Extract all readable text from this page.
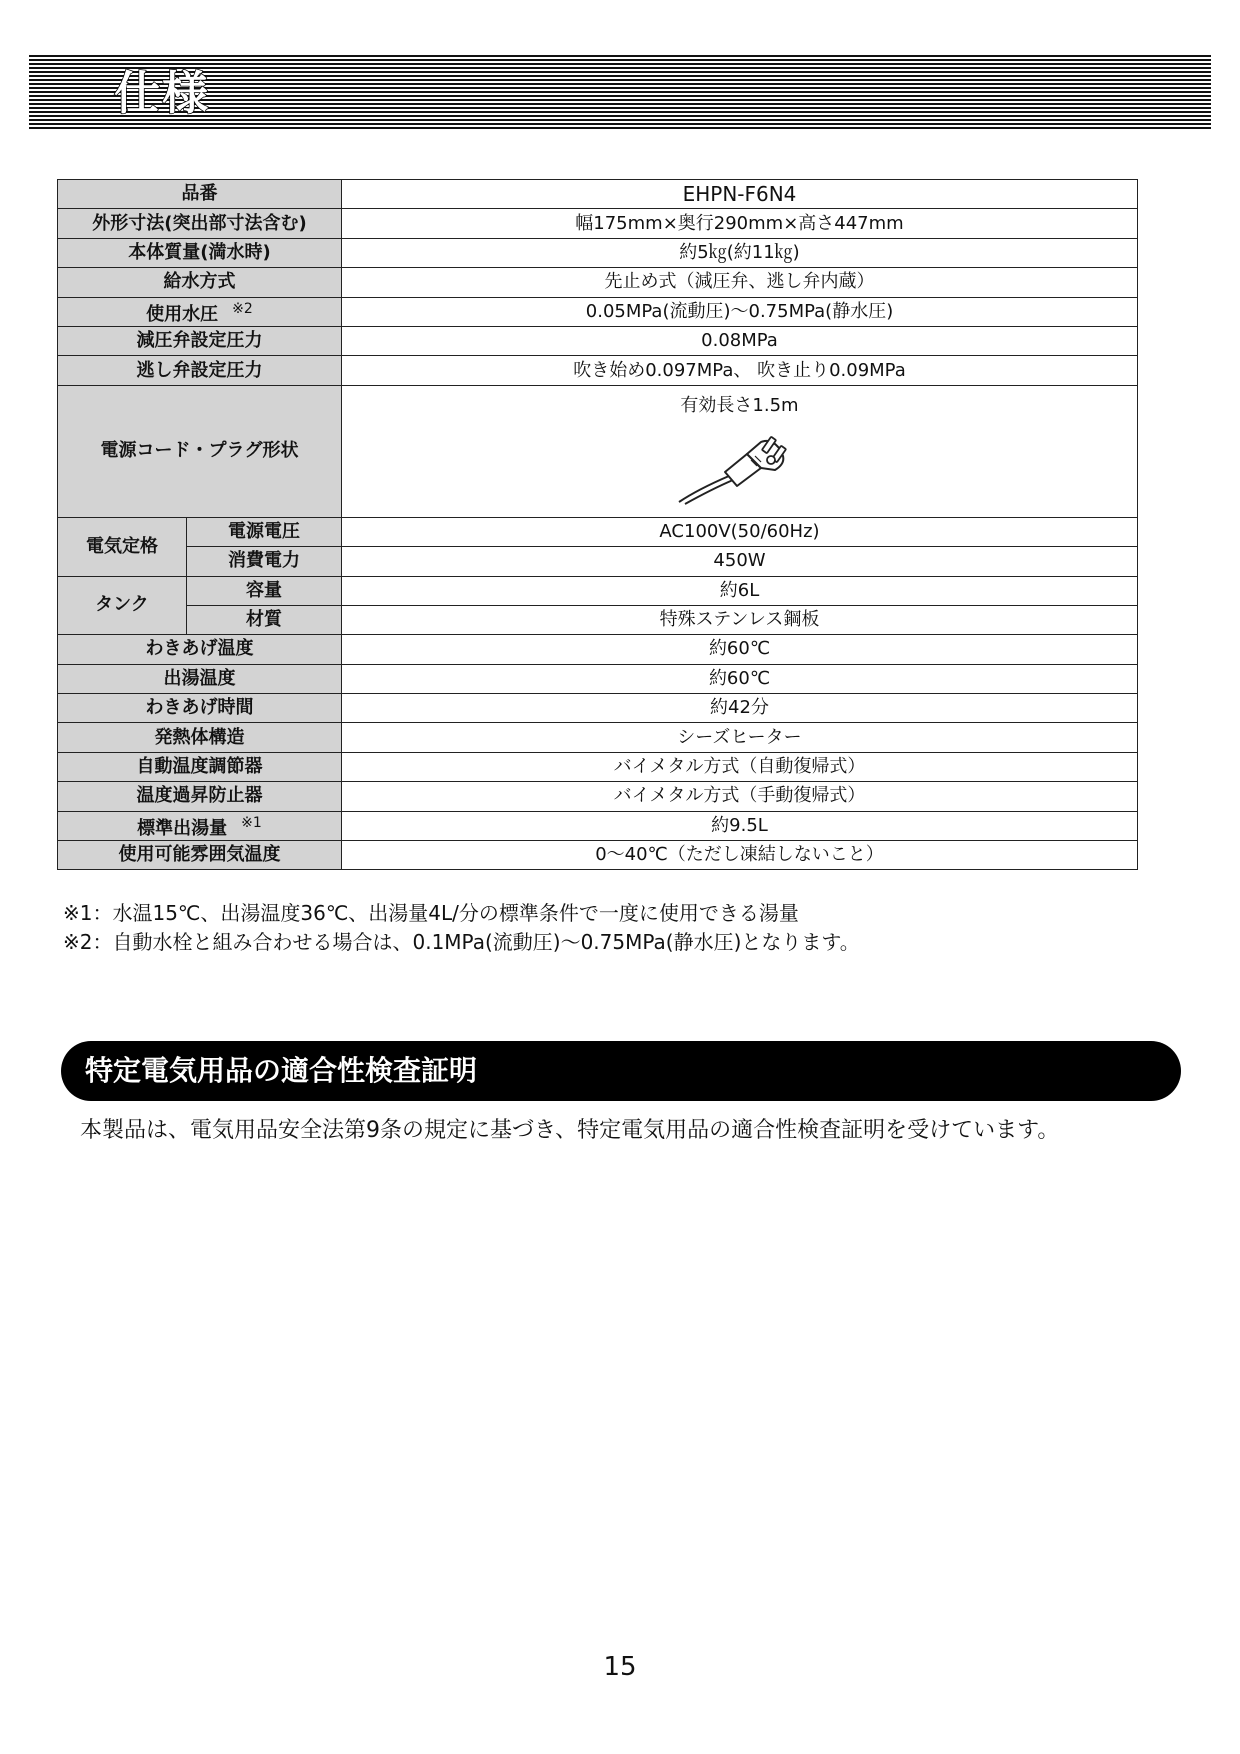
仕様
品番		EHPN-F6N4
外形寸法(突出部寸法含む)		幅175mm×奥行290mm×高さ447mm
本体質量(満水時)		約5㎏(約11㎏)
給水方式		先止め式（減圧弁、逃し弁内蔵）
使用水圧 $^{※2}$		0.05MPa(流動圧)～0.75MPa(静水圧)
減圧弁設定圧力		0.08MPa
逃し弁設定圧力		吹き始め0.097MPa、 吹き止り0.09MPa
電源コード・プラグ形状		有効長さ1.5m

電気定格	電源電圧	AC100V(50/60Hz)
	消費電力	450W
タンク	容量	約6L
	材質	特殊ステンレス鋼板
わきあげ温度		約60℃
出湯温度		約60℃
わきあげ時間		約42分
発熱体構造		シーズヒーター
自動温度調節器		バイメタル方式（自動復帰式）
温度過昇防止器		バイメタル方式（手動復帰式）
標準出湯量 $^{※1}$		約9.5L
使用可能雰囲気温度		0～40℃（ただし凍結しないこと）
※1：水温15℃、出湯温度36℃、出湯量4L/分の標準条件で一度に使用できる湯量
※2：自動水栓と組み合わせる場合は、0.1MPa(流動圧)～0.75MPa(静水圧)となります。
特定電気用品の適合性検査証明
本製品は、電気用品安全法第9条の規定に基づき、特定電気用品の適合性検査証明を受けています。
15
